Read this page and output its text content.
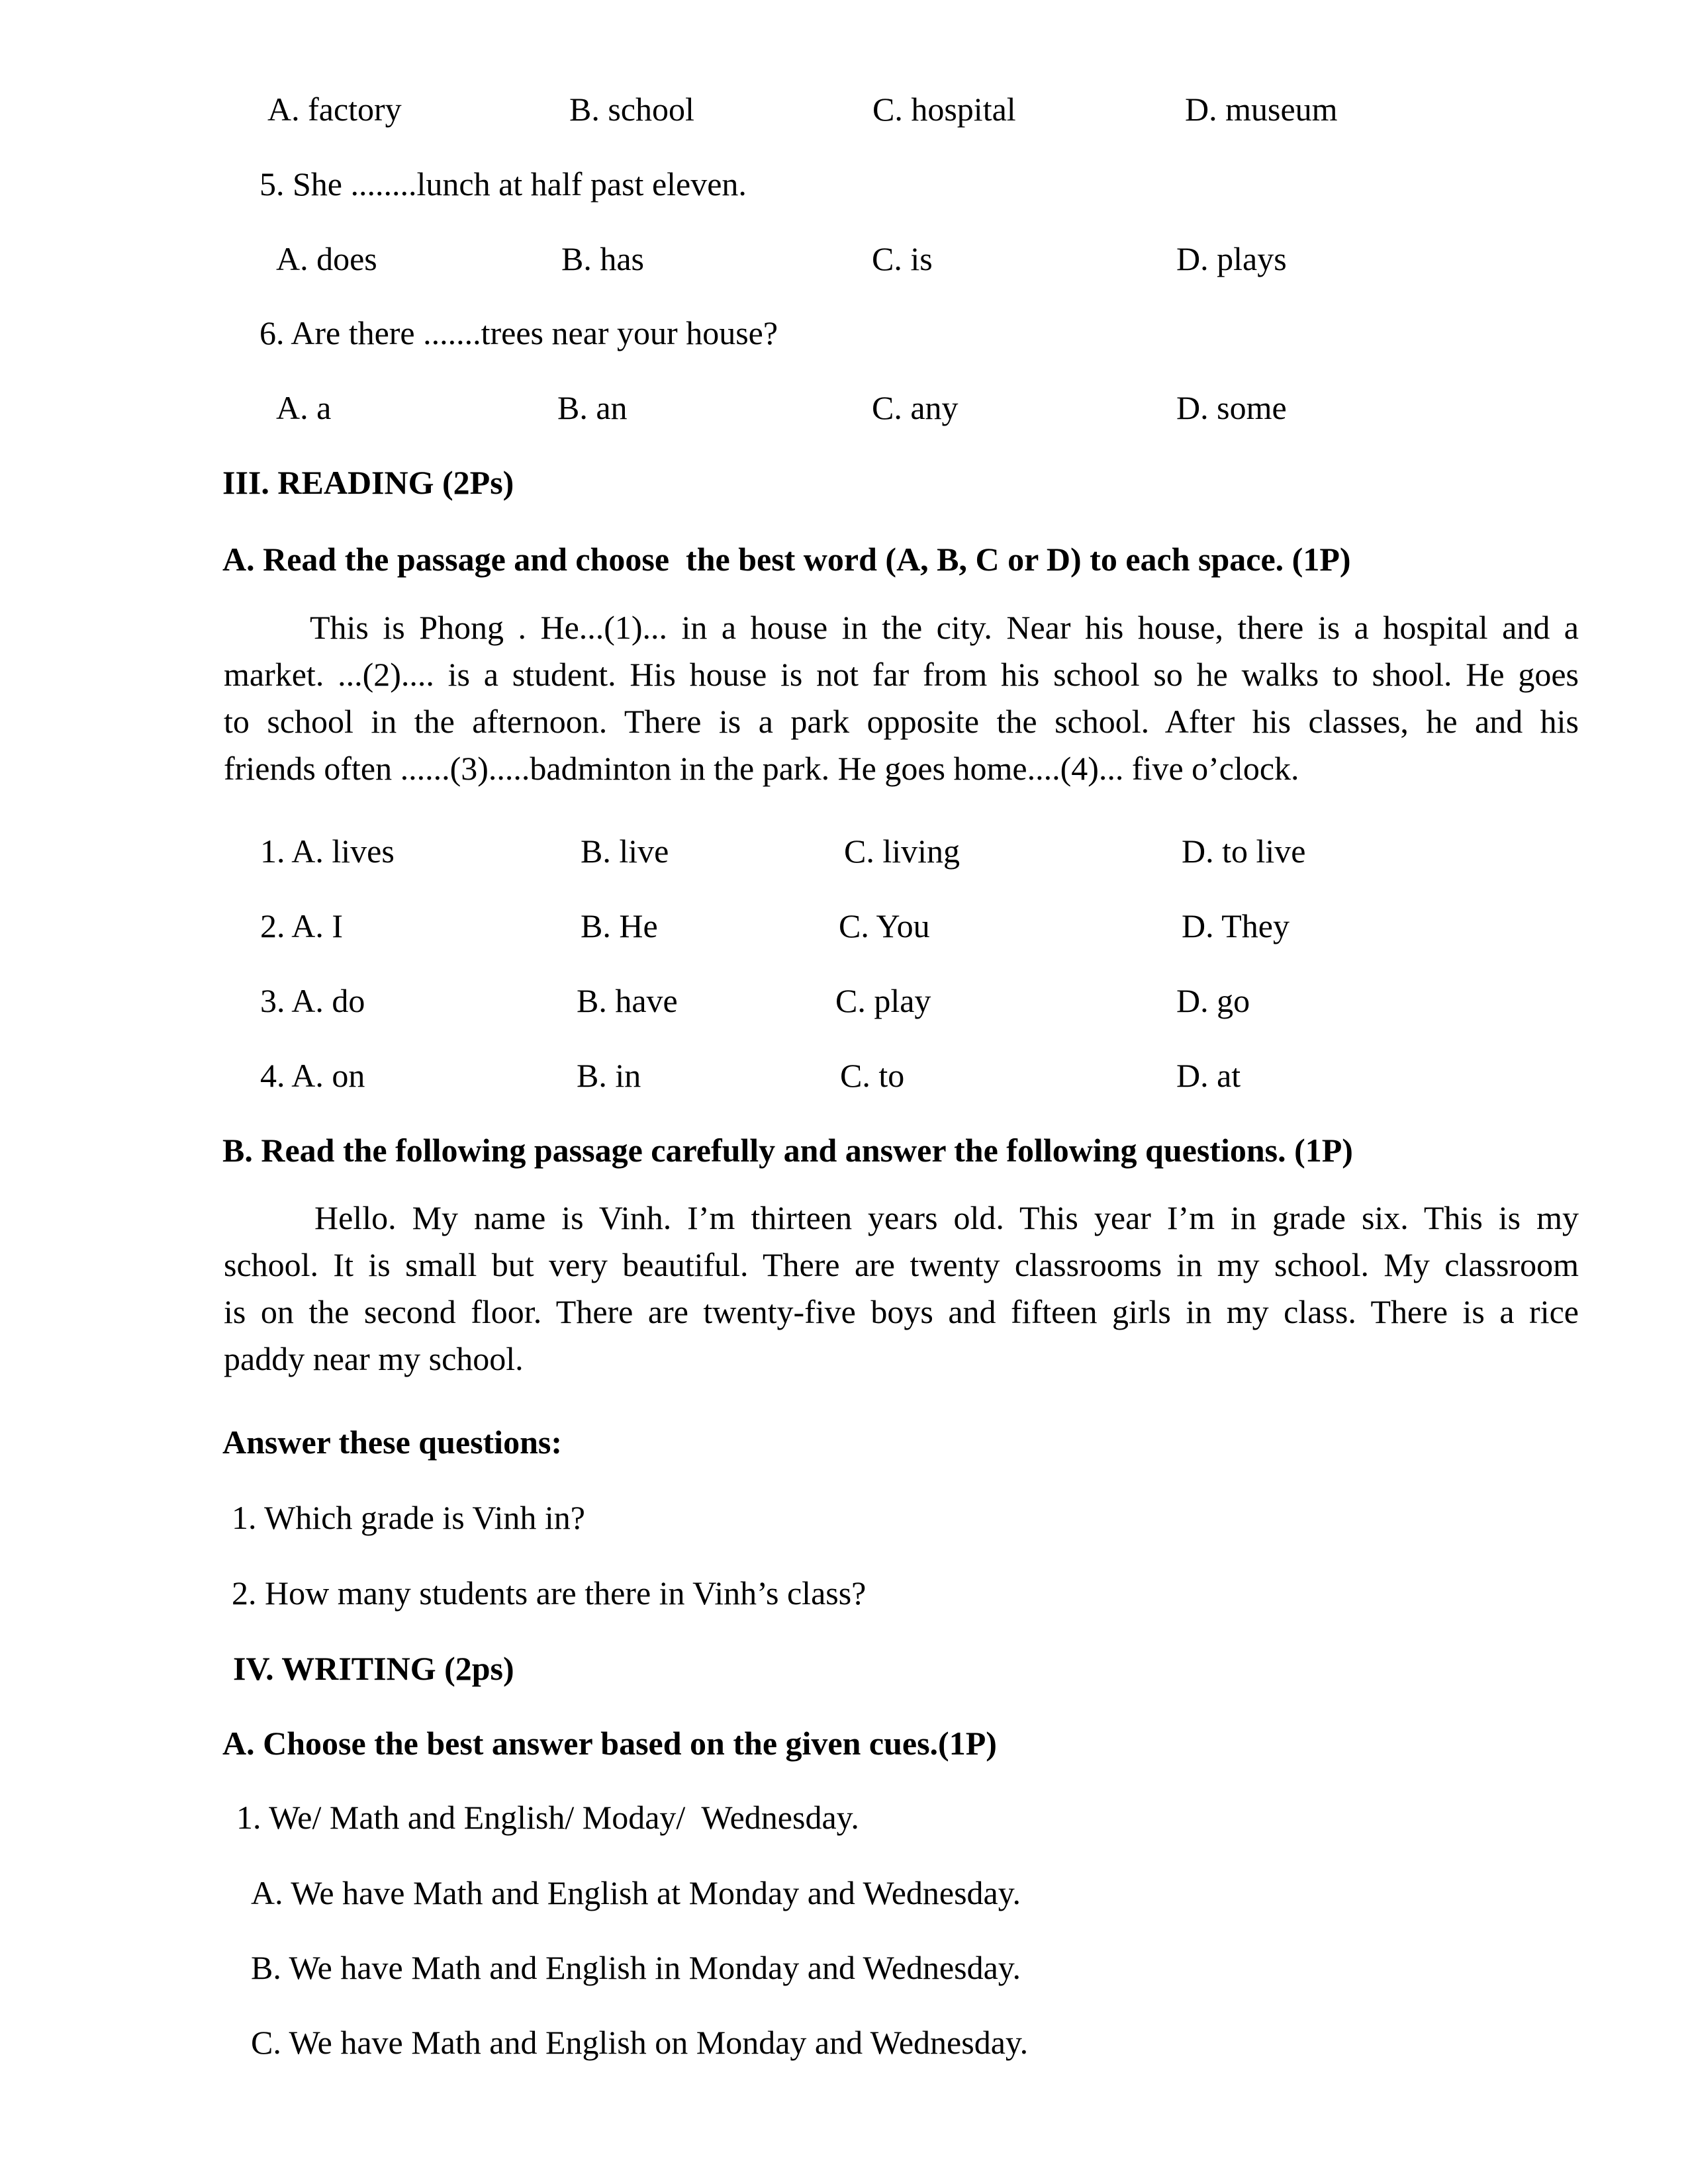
A. factory	B. school	C. hospital	D. museum
5. She ........lunch at half past eleven.
A. does	B. has	C. is	D. plays
6. Are there .......trees near your house?
A. a	B. an	C. any	D. some
III. READING (2Ps)
A. Read the passage and choose  the best word (A, B, C or D) to each space. (1P)
This is Phong . He...(1)... in a house in the city. Near his house, there is a hospital and a
market. ...(2).... is a student. His house is not far from his school so he walks to shool. He goes
to school in the afternoon. There is a park opposite the school. After his classes, he and his
friends often ......(3).....badminton in the park. He goes home....(4)... five o’clock.
1. A. lives	B. live	C. living	D. to live
2. A. I	B. He	C. You	D. They
3. A. do	B. have	C. play	D. go
4. A. on	B. in	C. to	D. at
B. Read the following passage carefully and answer the following questions. (1P)
Hello. My name is Vinh. I’m thirteen years old. This year I’m in grade six. This is my
school. It is small but very beautiful. There are twenty classrooms in my school. My classroom
is on the second floor. There are twenty-five boys and fifteen girls in my class. There is a rice
paddy near my school.
Answer these questions:
1. Which grade is Vinh in?
2. How many students are there in Vinh’s class?
IV. WRITING (2ps)
A. Choose the best answer based on the given cues.(1P)
1. We/ Math and English/ Moday/  Wednesday.
A. We have Math and English at Monday and Wednesday.
B. We have Math and English in Monday and Wednesday.
C. We have Math and English on Monday and Wednesday.
